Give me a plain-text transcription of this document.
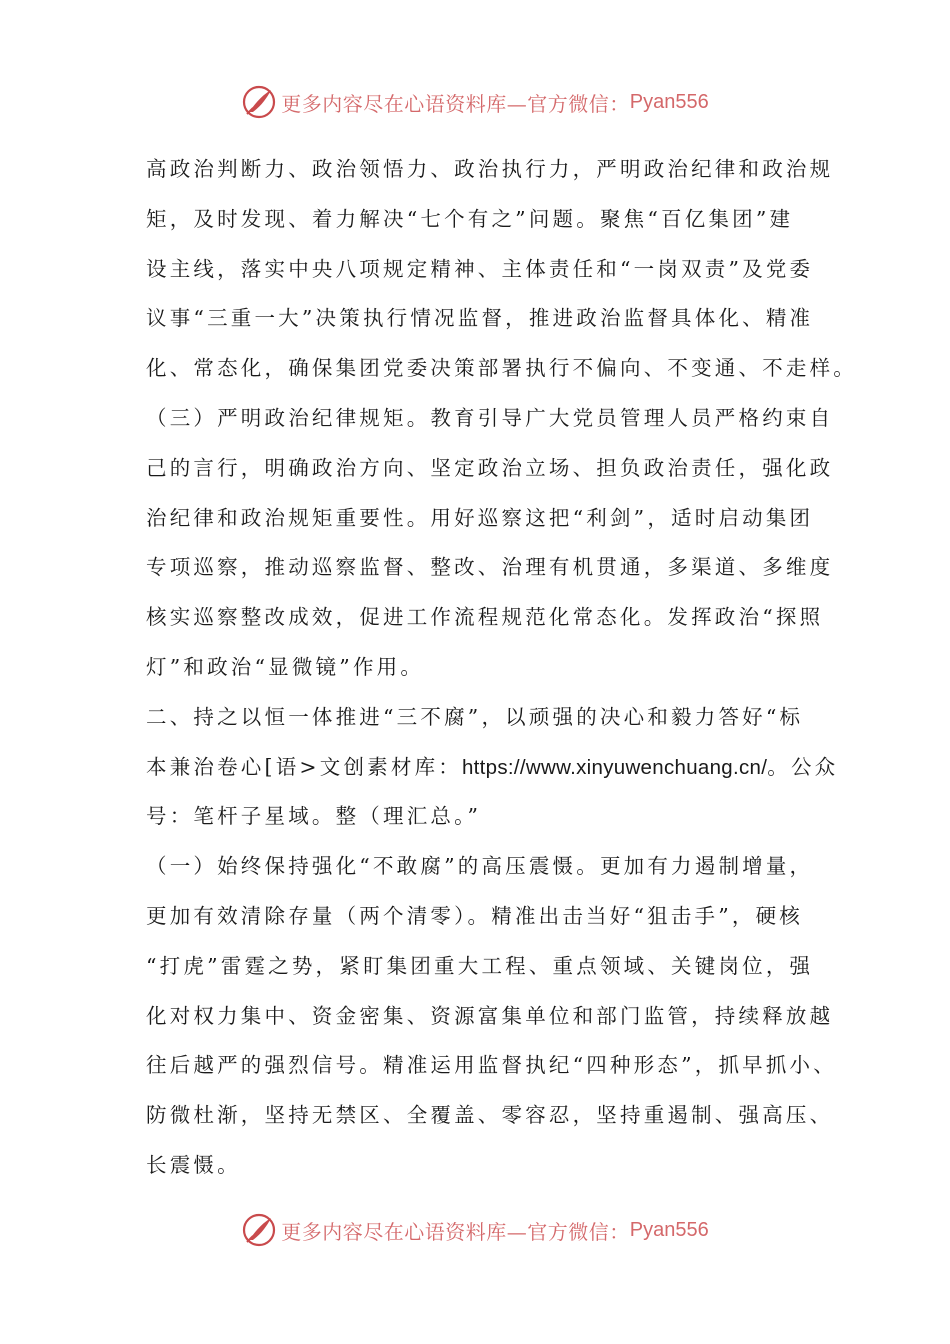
更多内容尽在心语资料库—官方微信： Pyan556
高政治判断力、政治领悟力、政治执行力，严明政治纪律和政治规
矩，及时发现、着力解决“七个有之”问题。聚焦“百亿集团”建
设主线，落实中央八项规定精神、主体责任和“一岗双责”及党委
议事“三重一大”决策执行情况监督，推进政治监督具体化、精准
化、常态化，确保集团党委决策部署执行不偏向、不变通、不走样。
（三）严明政治纪律规矩。教育引导广大党员管理人员严格约束自
己的言行，明确政治方向、坚定政治立场、担负政治责任，强化政
治纪律和政治规矩重要性。用好巡察这把“利剑”，适时启动集团
专项巡察，推动巡察监督、整改、治理有机贯通，多渠道、多维度
核实巡察整改成效，促进工作流程规范化常态化。发挥政治“探照
灯”和政治“显微镜”作用。
二、持之以恒一体推进“三不腐”，以顽强的决心和毅力答好“标
本兼治卷心[语>文创素材库：https://www.xinyuwenchuang.cn/。公众
号：笔杆子星域。整（理汇总。”
（一）始终保持强化“不敢腐”的高压震慑。更加有力遏制增量，
更加有效清除存量（两个清零）。精准出击当好“狙击手”，硬核
“打虎”雷霆之势，紧盯集团重大工程、重点领域、关键岗位，强
化对权力集中、资金密集、资源富集单位和部门监管，持续释放越
往后越严的强烈信号。精准运用监督执纪“四种形态”，抓早抓小、
防微杜渐，坚持无禁区、全覆盖、零容忍，坚持重遏制、强高压、
长震慑。
更多内容尽在心语资料库—官方微信： Pyan556
